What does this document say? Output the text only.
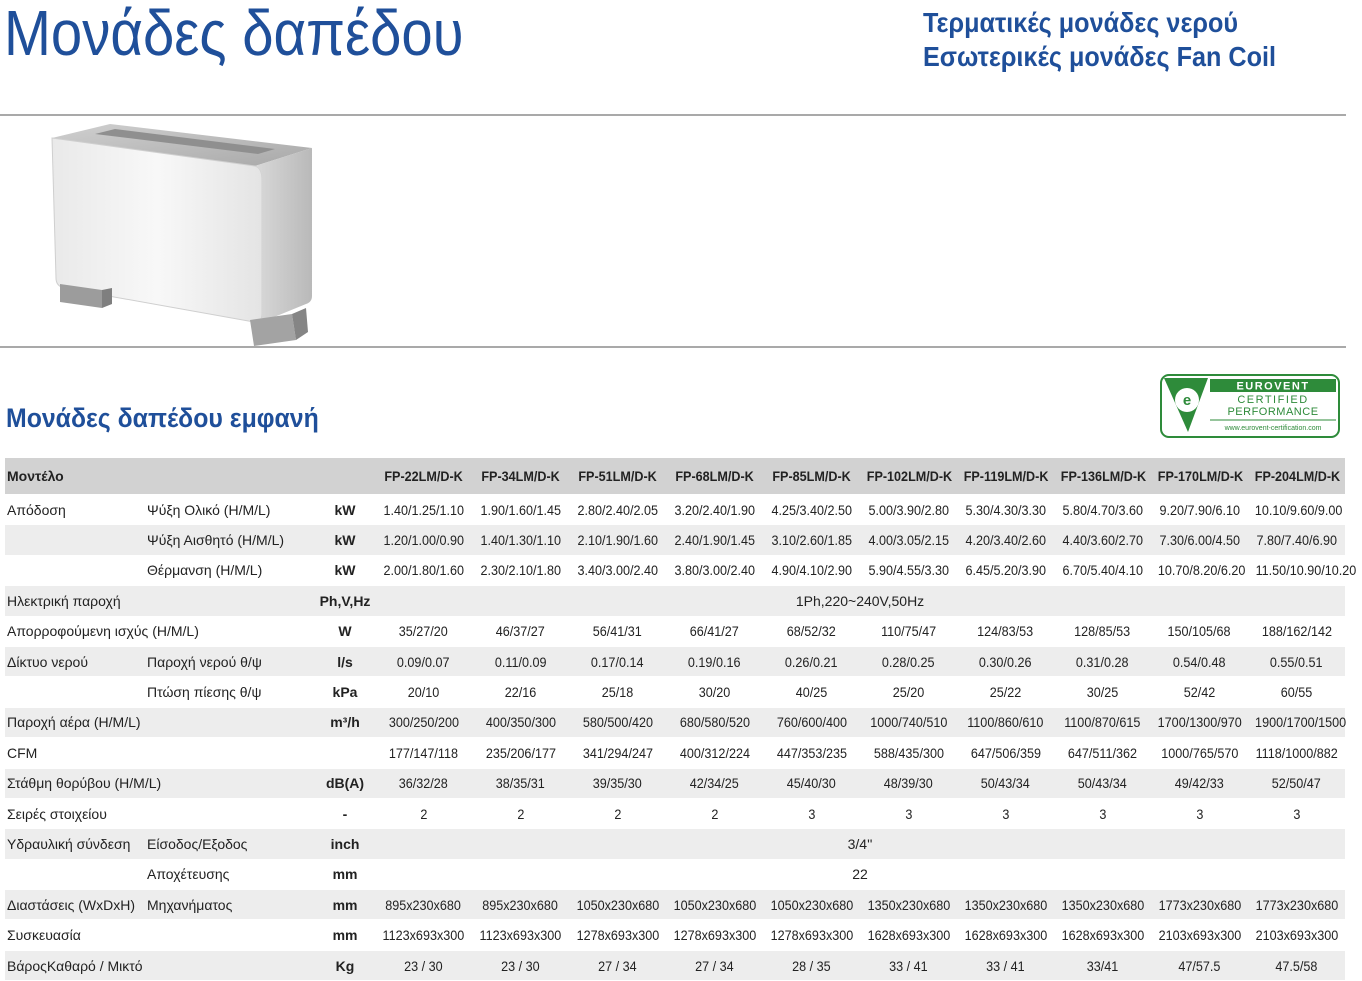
Μονάδες δαπέδου	Τερματικές μονάδες νερού
Εσωτερικές μονάδες Fan Coil
Μονάδες δαπέδου εμφανή
e
EUROVENT
CERTIFIED
PERFORMANCE
www.eurovent-certification.com
Μοντέλο			FP-22LM/D-K	FP-34LM/D-K	FP-51LM/D-K	FP-68LM/D-K	FP-85LM/D-K	FP-102LM/D-K	FP-119LM/D-K	FP-136LM/D-K	FP-170LM/D-K	FP-204LM/D-K
Απόδοση	Ψύξη Ολικό (H/M/L)	kW	1.40/1.25/1.10	1.90/1.60/1.45	2.80/2.40/2.05	3.20/2.40/1.90	4.25/3.40/2.50	5.00/3.90/2.80	5.30/4.30/3.30	5.80/4.70/3.60	9.20/7.90/6.10	10.10/9.60/9.00
	Ψύξη Αισθητό (H/M/L)	kW	1.20/1.00/0.90	1.40/1.30/1.10	2.10/1.90/1.60	2.40/1.90/1.45	3.10/2.60/1.85	4.00/3.05/2.15	4.20/3.40/2.60	4.40/3.60/2.70	7.30/6.00/4.50	7.80/7.40/6.90
	Θέρμανση (H/M/L)	kW	2.00/1.80/1.60	2.30/2.10/1.80	3.40/3.00/2.40	3.80/3.00/2.40	4.90/4.10/2.90	5.90/4.55/3.30	6.45/5.20/3.90	6.70/5.40/4.10	10.70/8.20/6.20	11.50/10.90/10.20
Ηλεκτρική παροχή		Ph,V,Hz	1Ph,220~240V,50Hz									
Απορροφούμενη ισχύς (H/M/L)		W	35/27/20	46/37/27	56/41/31	66/41/27	68/52/32	110/75/47	124/83/53	128/85/53	150/105/68	188/162/142
Δίκτυο νερού	Παροχή νερού θ/ψ	l/s	0.09/0.07	0.11/0.09	0.17/0.14	0.19/0.16	0.26/0.21	0.28/0.25	0.30/0.26	0.31/0.28	0.54/0.48	0.55/0.51
	Πτώση πίεσης θ/ψ	kPa	20/10	22/16	25/18	30/20	40/25	25/20	25/22	30/25	52/42	60/55
Παροχή αέρα (H/M/L)		m³/h	300/250/200	400/350/300	580/500/420	680/580/520	760/600/400	1000/740/510	1100/860/610	1100/870/615	1700/1300/970	1900/1700/1500
CFM			177/147/118	235/206/177	341/294/247	400/312/224	447/353/235	588/435/300	647/506/359	647/511/362	1000/765/570	1118/1000/882
Στάθμη θορύβου (H/M/L)		dB(A)	36/32/28	38/35/31	39/35/30	42/34/25	45/40/30	48/39/30	50/43/34	50/43/34	49/42/33	52/50/47
Σειρές στοιχείου		-	2	2	2	2	3	3	3	3	3	3
Υδραυλική σύνδεση	Είσοδος/Εξοδος	inch	3/4''									
	Αποχέτευσης	mm	22									
Διαστάσεις (WxDxH)	Μηχανήματος	mm	895x230x680	895x230x680	1050x230x680	1050x230x680	1050x230x680	1350x230x680	1350x230x680	1350x230x680	1773x230x680	1773x230x680
Συσκευασία		mm	1123x693x300	1123x693x300	1278x693x300	1278x693x300	1278x693x300	1628x693x300	1628x693x300	1628x693x300	2103x693x300	2103x693x300
ΒάροςΚαθαρό / Μικτό		Kg	23 / 30	23 / 30	27 / 34	27 / 34	28 / 35	33 / 41	33 / 41	33/41	47/57.5	47.5/58
